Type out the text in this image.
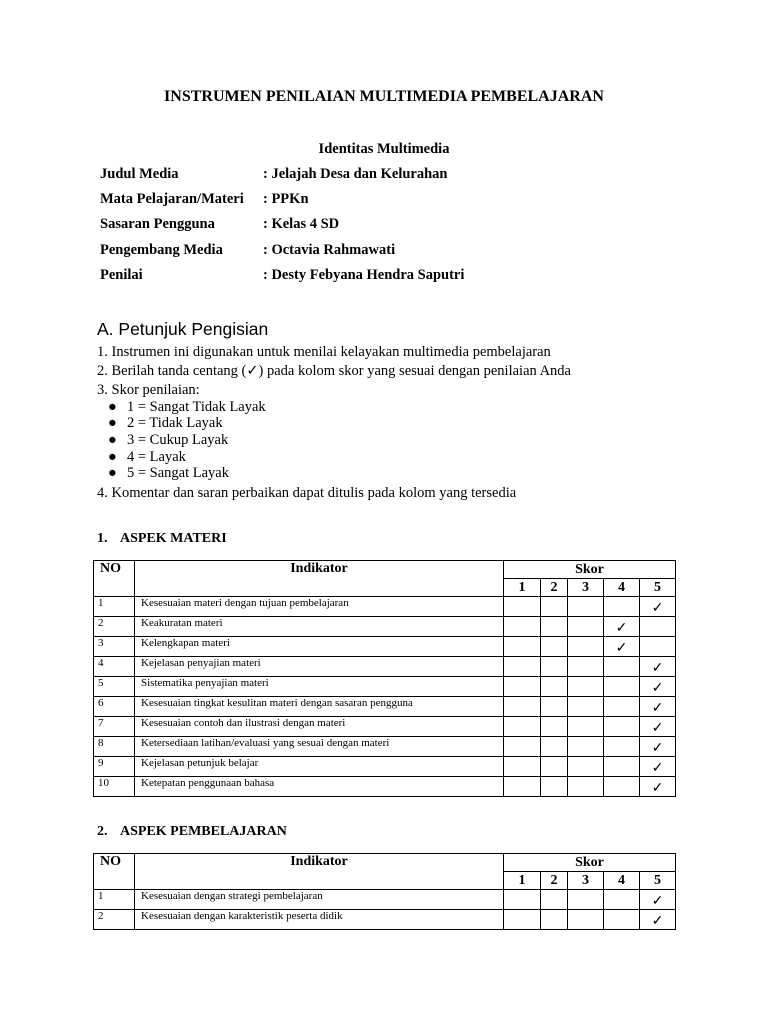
INSTRUMEN PENILAIAN MULTIMEDIA PEMBELAJARAN
Identitas Multimedia
Judul Media	: Jelajah Desa dan Kelurahan
Mata Pelajaran/Materi : PPKn
Sasaran Pengguna	: Kelas 4 SD
Pengembang Media	: Octavia Rahmawati
Penilai	: Desty Febyana Hendra Saputri
A. Petunjuk Pengisian
1. Instrumen ini digunakan untuk menilai kelayakan multimedia pembelajaran
2. Berilah tanda centang (✓) pada kolom skor yang sesuai dengan penilaian Anda
3. Skor penilaian:
● 1 = Sangat Tidak Layak
● 2 = Tidak Layak
● 3 = Cukup Layak
● 4 = Layak
● 5 = Sangat Layak
4. Komentar dan saran perbaikan dapat ditulis pada kolom yang tersedia
1. ASPEK MATERI
NO	Indikator	Skor				
		1	2	3	4	5
1	Kesesuaian materi dengan tujuan pembelajaran					✓
2	Keakuratan materi				✓	
3	Kelengkapan materi				✓	
4	Kejelasan penyajian materi					✓
5	Sistematika penyajian materi					✓
6	Kesesuaian tingkat kesulitan materi dengan sasaran pengguna					✓
7	Kesesuaian contoh dan ilustrasi dengan materi					✓
8	Ketersediaan latihan/evaluasi yang sesuai dengan materi					✓
9	Kejelasan petunjuk belajar					✓
10	Ketepatan penggunaan bahasa					✓
2. ASPEK PEMBELAJARAN
NO	Indikator	Skor				
		1	2	3	4	5
1	Kesesuaian dengan strategi pembelajaran					✓
2	Kesesuaian dengan karakteristik peserta didik					✓
